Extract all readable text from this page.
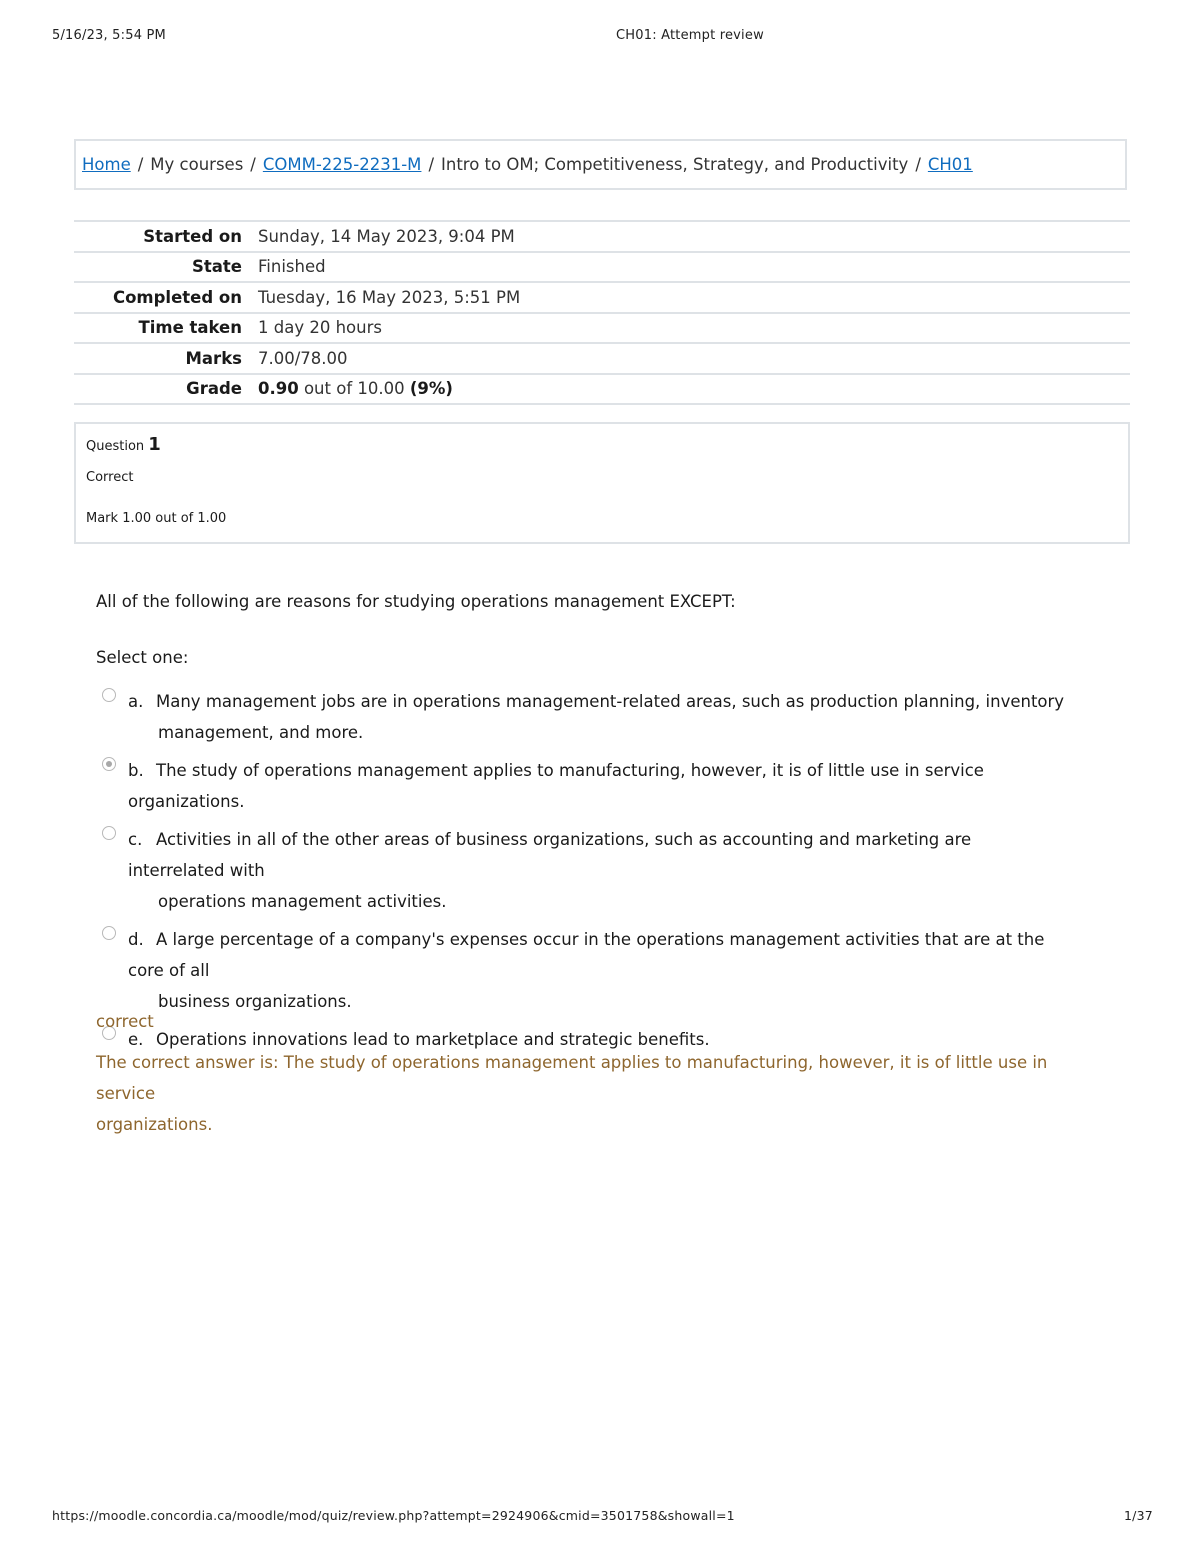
5/16/23, 5:54 PM	CH01: Attempt review
Home / My courses / COMM-225-2231-M / Intro to OM; Competitiveness, Strategy, and Productivity / CH01
Started on	Sunday, 14 May 2023, 9:04 PM
State	Finished
Completed on	Tuesday, 16 May 2023, 5:51 PM
Time taken	1 day 20 hours
Marks	7.00/78.00
Grade	0.90 out of 10.00 (9%)
Question 1
Correct
Mark 1.00 out of 1.00
All of the following are reasons for studying operations management EXCEPT:
Select one:
a. Many management jobs are in operations management-related areas, such as production planning, inventory
management, and more.
b. The study of operations management applies to manufacturing, however, it is of little use in service organizations.
c. Activities in all of the other areas of business organizations, such as accounting and marketing are interrelated with
operations management activities.
d. A large percentage of a company's expenses occur in the operations management activities that are at the core of all
business organizations.
e. Operations innovations lead to marketplace and strategic benefits.
correct
The correct answer is: The study of operations management applies to manufacturing, however, it is of little use in service
organizations.
https://moodle.concordia.ca/moodle/mod/quiz/review.php?attempt=2924906&cmid=3501758&showall=1	1/37
